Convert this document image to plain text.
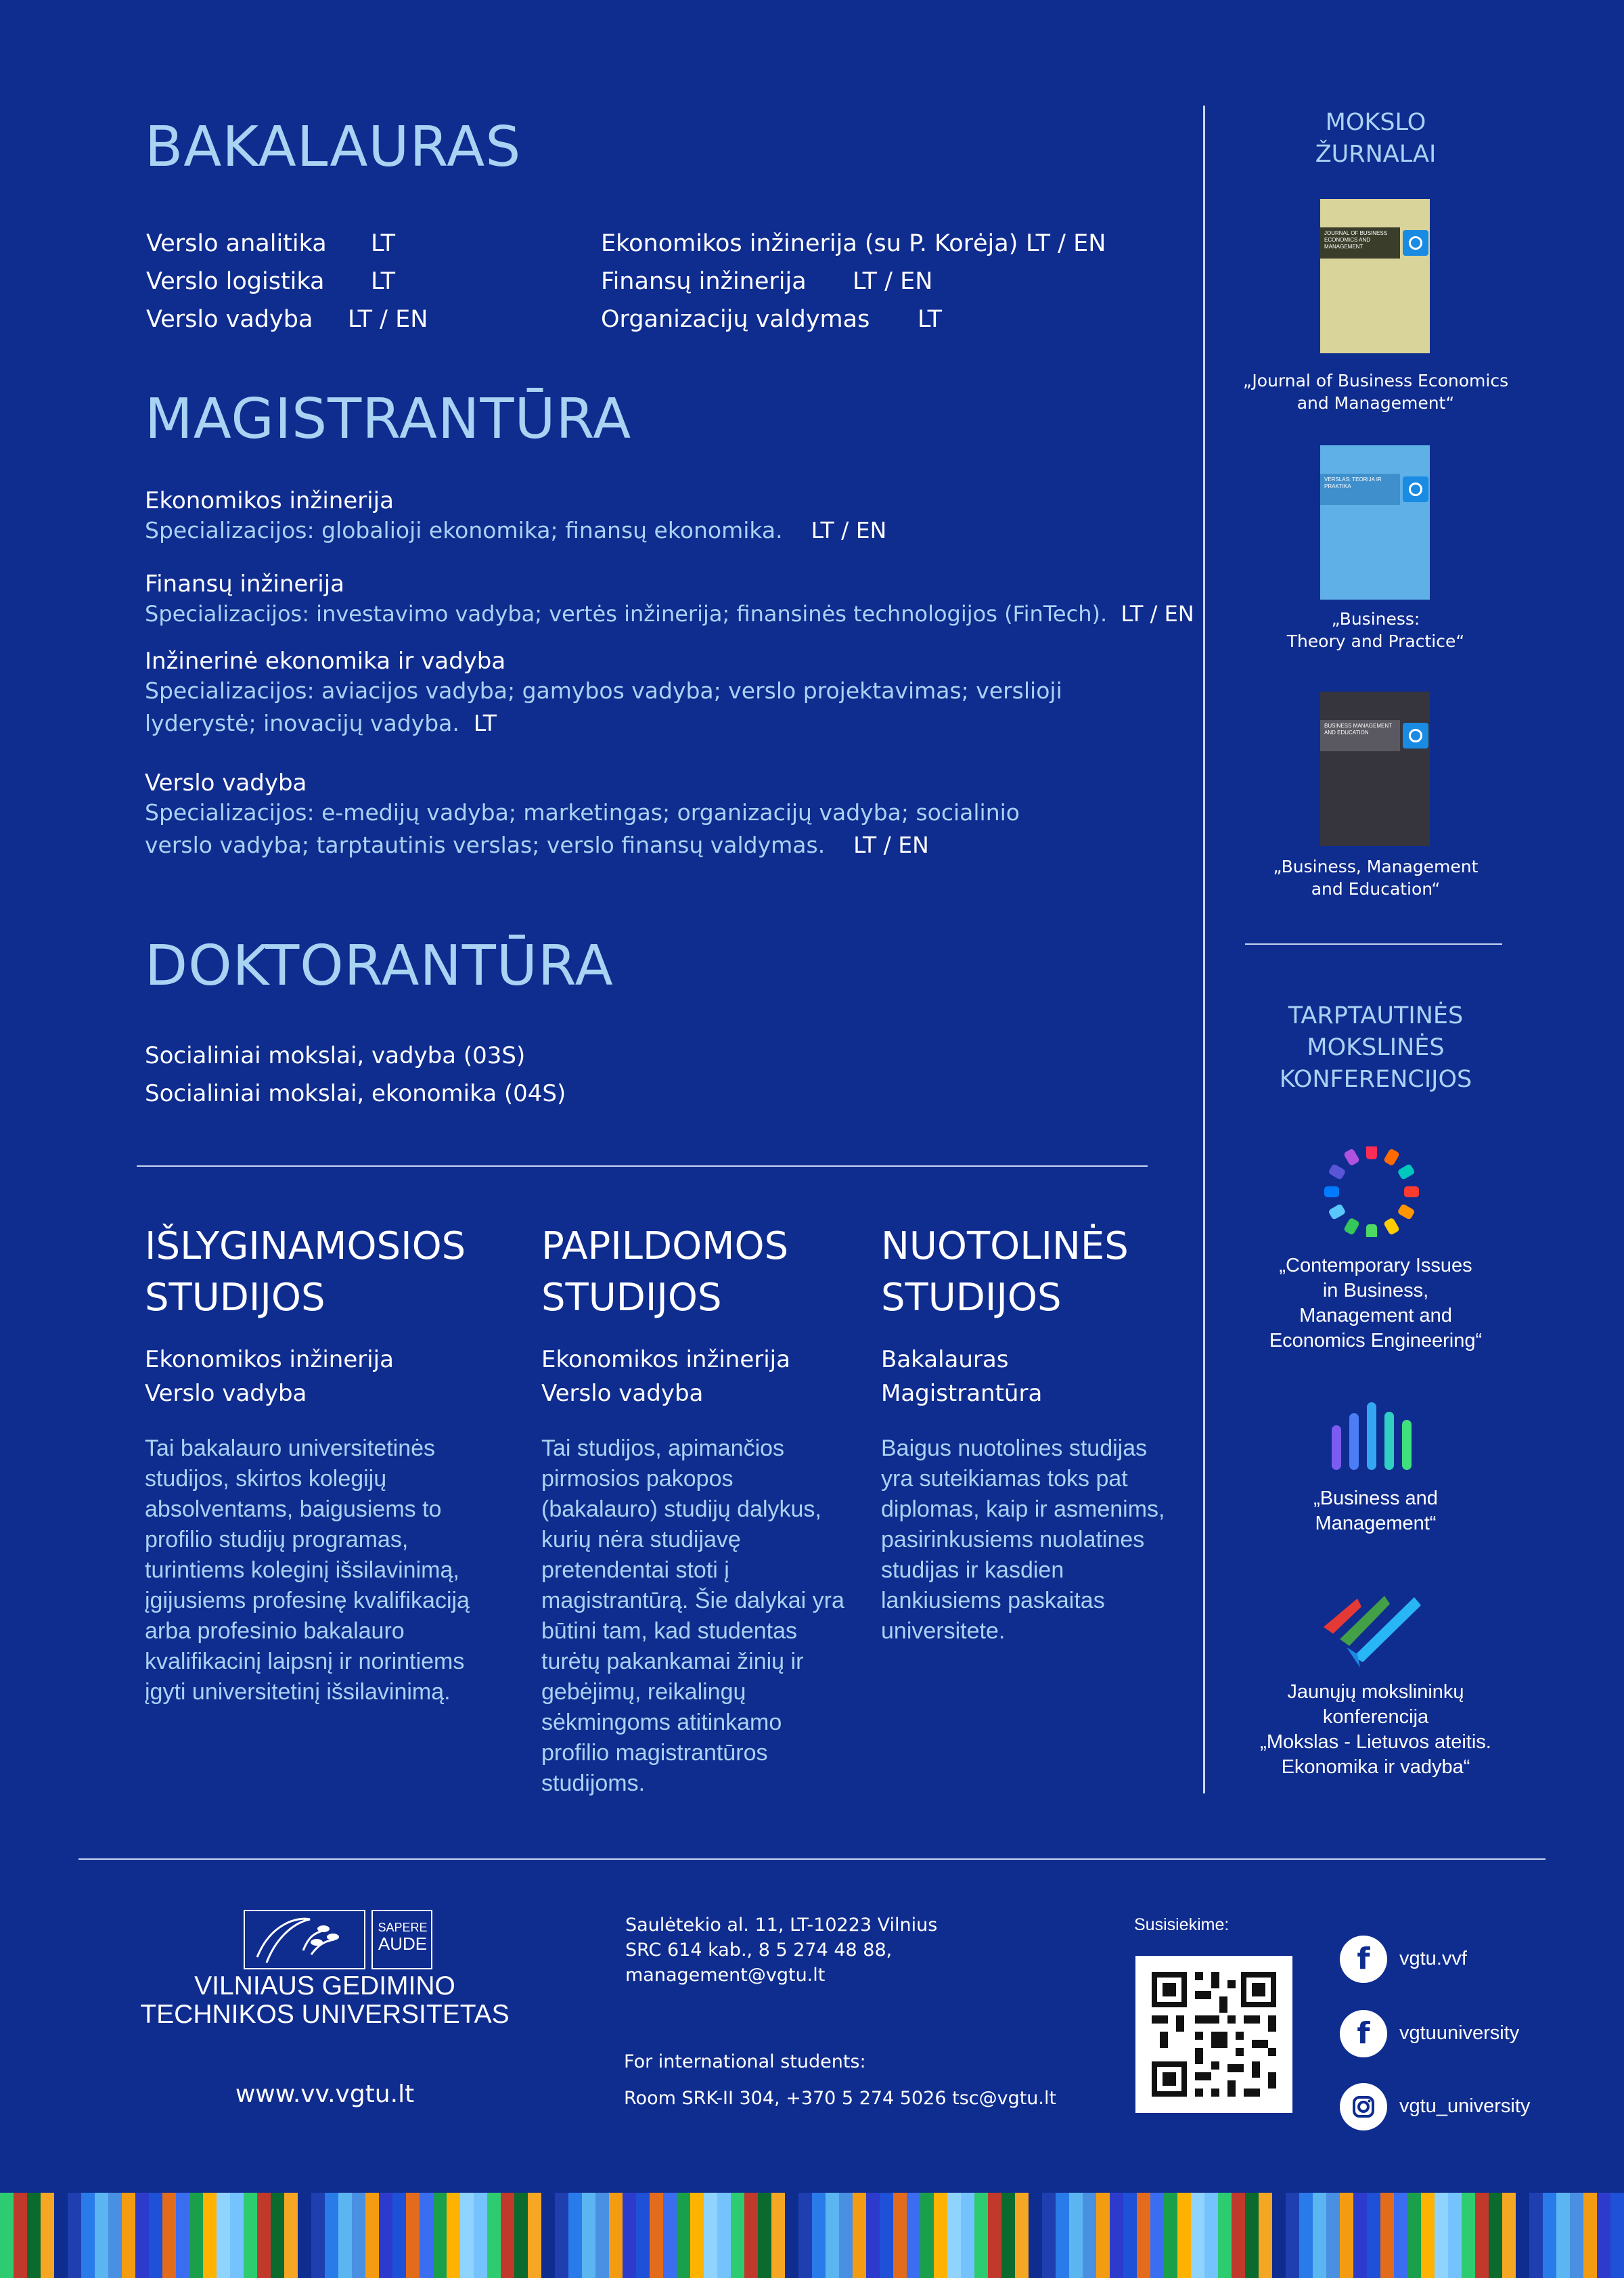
BAKALAURAS
Verslo analitika
Verslo logistika
Verslo vadyba
LT
LT
LT / EN
Ekonomikos inžinerija (su P. Korėja)
Finansų inžinerija
Organizacijų valdymas
LT / EN
LT / EN
LT
MAGISTRANTŪRA
Ekonomikos inžinerija
Specializacijos: globalioji ekonomika; finansų ekonomika. LT / EN
Finansų inžinerija
Specializacijos: investavimo vadyba; vertės inžinerija; finansinės technologijos (FinTech). LT / EN
Inžinerinė ekonomika ir vadyba
Specializacijos: aviacijos vadyba; gamybos vadyba; verslo projektavimas; verslioji lyderystė; inovacijų vadyba. LT
Verslo vadyba
Specializacijos: e-medijų vadyba; marketingas; organizacijų vadyba; socialinio verslo vadyba; tarptautinis verslas; verslo finansų valdymas. LT / EN
DOKTORANTŪRA
Socialiniai mokslai, vadyba (03S)
Socialiniai mokslai, ekonomika (04S)
IŠLYGINAMOSIOS
STUDIJOS
Ekonomikos inžinerija
Verslo vadyba
Tai bakalauro universitetinės studijos, skirtos kolegijų absolventams, baigusiems to profilio studijų programas, turintiems koleginį išsilavinimą, įgijusiems profesinę kvalifikaciją arba profesinio bakalauro kvalifikacinį laipsnį ir norintiems įgyti universitetinį išsilavinimą.
PAPILDOMOS
STUDIJOS
Ekonomikos inžinerija
Verslo vadyba
Tai studijos, apimančios pirmosios pakopos (bakalauro) studijų dalykus, kurių nėra studijavę pretendentai stoti į magistrantūrą. Šie dalykai yra būtini tam, kad studentas turėtų pakankamai žinių ir gebėjimų, reikalingų sėkmingoms atitinkamo profilio magistrantūros studijoms.
NUOTOLINĖS
STUDIJOS
Bakalauras
Magistrantūra
Baigus nuotolines studijas yra suteikiamas toks pat diplomas, kaip ir asmenims, pasirinkusiems nuolatines studijas ir kasdien lankiusiems paskaitas universitete.
MOKSLO
ŽURNALAI
JOURNAL OF BUSINESS ECONOMICS AND MANAGEMENT
„Journal of Business Economics
and Management“
VERSLAS: TEORIJA IR PRAKTIKA
„Business:
Theory and Practice“
BUSINESS MANAGEMENT AND EDUCATION
„Business, Management
and Education“
TARPTAUTINĖS
MOKSLINĖS
KONFERENCIJOS
„Contemporary Issues
in Business,
Management and
Economics Engineering“
„Business and
Management“
Jaunųjų mokslininkų
konferencija
„Mokslas - Lietuvos ateitis.
Ekonomika ir vadyba“
SAPERE
AUDE
VILNIAUS GEDIMINO
TECHNIKOS UNIVERSITETAS
www.vv.vgtu.lt
Saulėtekio al. 11, LT-10223 Vilnius
SRC 614 kab., 8 5 274 48 88,
management@vgtu.lt
For international students:
Room SRK-II 304, +370 5 274 5026 tsc@vgtu.lt
Susisiekime:
f	vgtu.vvf
f	vgtuuniversity
vgtu_university
